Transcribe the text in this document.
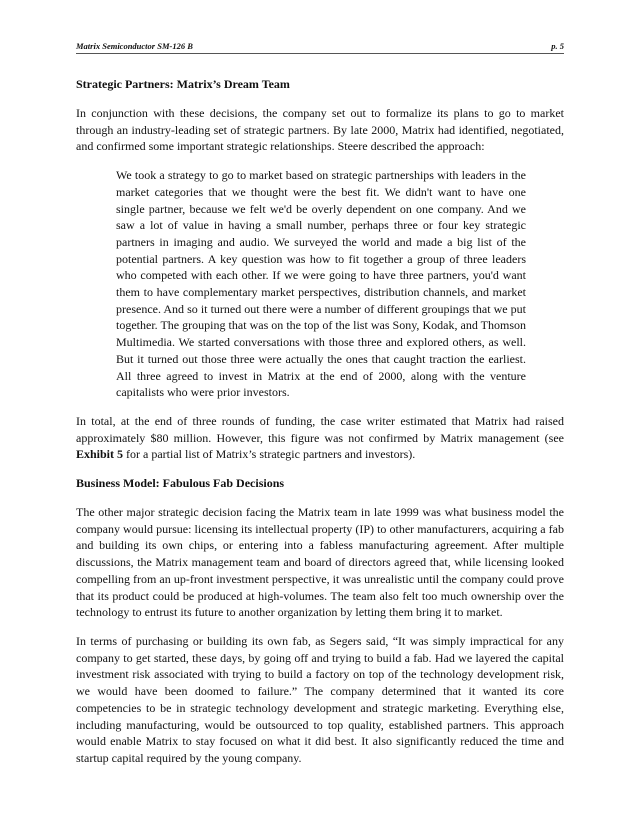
Matrix Semiconductor SM-126 B	p. 5
Strategic Partners: Matrix’s Dream Team

In conjunction with these decisions, the company set out to formalize its plans to go to market through an industry-leading set of strategic partners. By late 2000, Matrix had identified, negotiated, and confirmed some important strategic relationships. Steere described the approach:

We took a strategy to go to market based on strategic partnerships with leaders in the market categories that we thought were the best fit. We didn't want to have one single partner, because we felt we'd be overly dependent on one company. And we saw a lot of value in having a small number, perhaps three or four key strategic partners in imaging and audio. We surveyed the world and made a big list of the potential partners. A key question was how to fit together a group of three leaders who competed with each other. If we were going to have three partners, you'd want them to have complementary market perspectives, distribution channels, and market presence. And so it turned out there were a number of different groupings that we put together. The grouping that was on the top of the list was Sony, Kodak, and Thomson Multimedia. We started conversations with those three and explored others, as well. But it turned out those three were actually the ones that caught traction the earliest. All three agreed to invest in Matrix at the end of 2000, along with the venture capitalists who were prior investors.

In total, at the end of three rounds of funding, the case writer estimated that Matrix had raised approximately $80 million. However, this figure was not confirmed by Matrix management (see Exhibit 5 for a partial list of Matrix’s strategic partners and investors).

Business Model: Fabulous Fab Decisions

The other major strategic decision facing the Matrix team in late 1999 was what business model the company would pursue: licensing its intellectual property (IP) to other manufacturers, acquiring a fab and building its own chips, or entering into a fabless manufacturing agreement. After multiple discussions, the Matrix management team and board of directors agreed that, while licensing looked compelling from an up-front investment perspective, it was unrealistic until the company could prove that its product could be produced at high-volumes. The team also felt too much ownership over the technology to entrust its future to another organization by letting them bring it to market.

In terms of purchasing or building its own fab, as Segers said, “It was simply impractical for any company to get started, these days, by going off and trying to build a fab. Had we layered the capital investment risk associated with trying to build a factory on top of the technology development risk, we would have been doomed to failure.” The company determined that it wanted its core competencies to be in strategic technology development and strategic marketing. Everything else, including manufacturing, would be outsourced to top quality, established partners. This approach would enable Matrix to stay focused on what it did best. It also significantly reduced the time and startup capital required by the young company.
